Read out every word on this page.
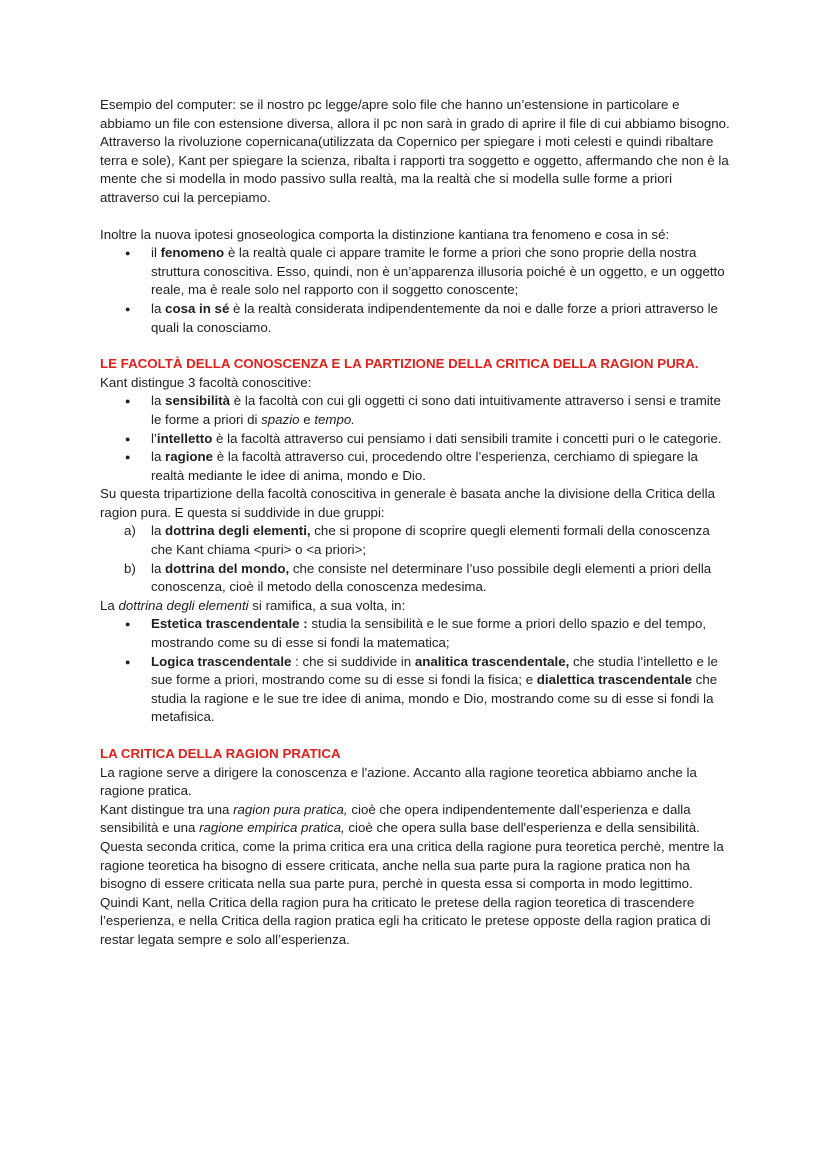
Esempio del computer: se il nostro pc legge/apre solo file che hanno un’estensione in particolare e abbiamo un file con estensione diversa, allora il pc non sarà in grado di aprire il file di cui abbiamo bisogno.

Attraverso la rivoluzione copernicana(utilizzata da Copernico per spiegare i moti celesti e quindi ribaltare terra e sole), Kant per spiegare la scienza, ribalta i rapporti tra soggetto e oggetto, affermando che non è la mente che si modella in modo passivo sulla realtà, ma la realtà che si modella sulle forme a priori attraverso cui la percepiamo.

Inoltre la nuova ipotesi gnoseologica comporta la distinzione kantiana tra fenomeno e cosa in sé:

● il fenomeno è la realtà quale ci appare tramite le forme a priori che sono proprie della nostra struttura conoscitiva. Esso, quindi, non è un’apparenza illusoria poiché è un oggetto, e un oggetto reale, ma è reale solo nel rapporto con il soggetto conoscente;
● la cosa in sé è la realtà considerata indipendentemente da noi e dalle forze a priori attraverso le quali la conosciamo.
LE FACOLTÀ DELLA CONOSCENZA E LA PARTIZIONE DELLA CRITICA DELLA RAGION PURA.

Kant distingue 3 facoltà conoscitive:

● la sensibilità è la facoltà con cui gli oggetti ci sono dati intuitivamente attraverso i sensi e tramite le forme a priori di spazio e tempo.
● l’intelletto è la facoltà attraverso cui pensiamo i dati sensibili tramite i concetti puri o le categorie.
● la ragione è la facoltà attraverso cui, procedendo oltre l’esperienza, cerchiamo di spiegare la realtà mediante le idee di anima, mondo e Dio.

Su questa tripartizione della facoltà conoscitiva in generale è basata anche la divisione della Critica della ragion pura. E questa si suddivide in due gruppi:

a) la dottrina degli elementi, che si propone di scoprire quegli elementi formali della conoscenza che Kant chiama <puri> o <a priori>;
b) la dottrina del mondo, che consiste nel determinare l’uso possibile degli elementi a priori della conoscenza, cioè il metodo della conoscenza medesima.

La dottrina degli elementi si ramifica, a sua volta, in:

● Estetica trascendentale : studia la sensibilità e le sue forme a priori dello spazio e del tempo, mostrando come su di esse si fondi la matematica;
● Logica trascendentale : che si suddivide in analitica trascendentale, che studia l’intelletto e le sue forme a priori, mostrando come su di esse si fondi la fisica; e dialettica trascendentale che studia la ragione e le sue tre idee di anima, mondo e Dio, mostrando come su di esse si fondi la metafisica.
LA CRITICA DELLA RAGION PRATICA

La ragione serve a dirigere la conoscenza e l'azione. Accanto alla ragione teoretica abbiamo anche la ragione pratica.

Kant distingue tra una ragion pura pratica, cioè che opera indipendentemente dall’esperienza e dalla sensibilità e una ragione empirica pratica, cioè che opera sulla base dell'esperienza e della sensibilità.

Questa seconda critica, come la prima critica era una critica della ragione pura teoretica perchè, mentre la ragione teoretica ha bisogno di essere criticata, anche nella sua parte pura la ragione pratica non ha bisogno di essere criticata nella sua parte pura, perchè in questa essa si comporta in modo legittimo.

Quindi Kant, nella Critica della ragion pura ha criticato le pretese della ragion teoretica di trascendere l’esperienza, e nella Critica della ragion pratica egli ha criticato le pretese opposte della ragion pratica di restar legata sempre e solo all’esperienza.
